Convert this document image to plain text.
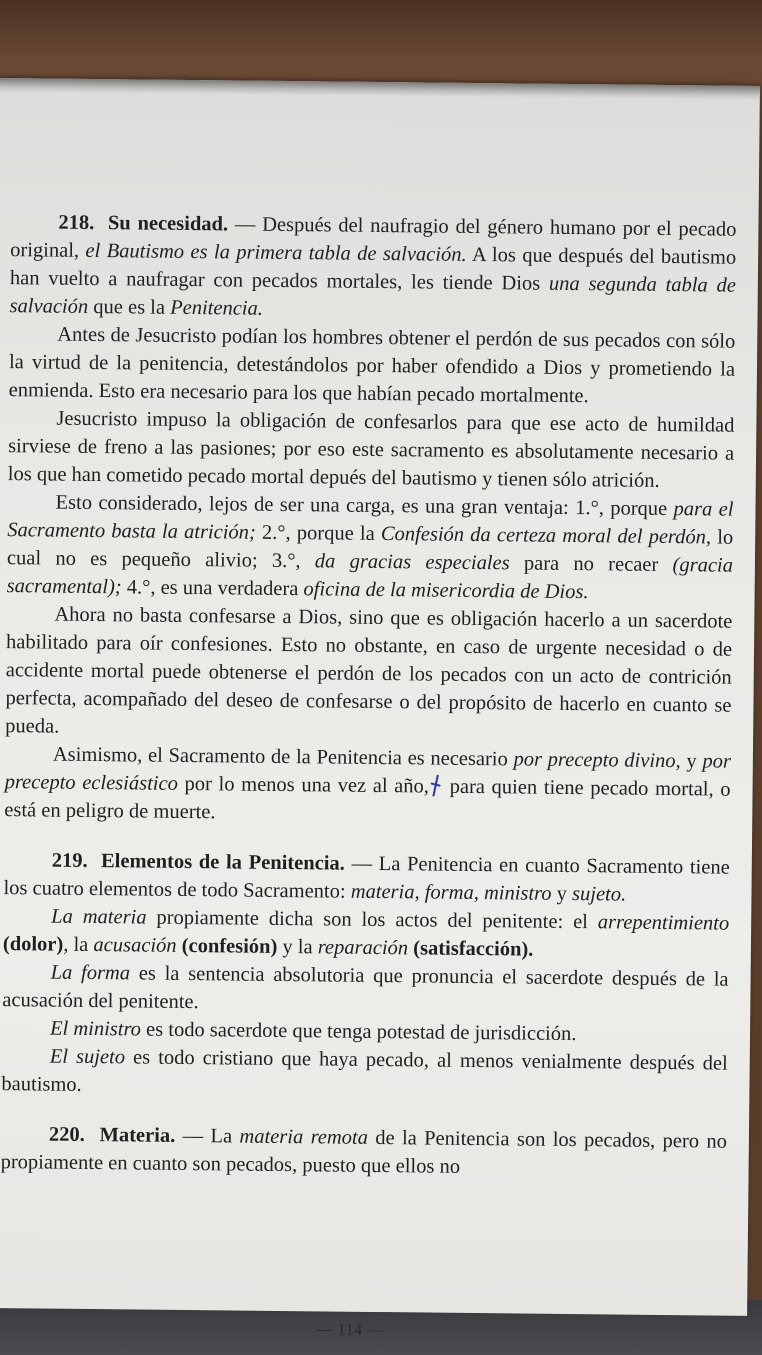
218. Su necesidad. — Después del naufragio del género humano por el pecado original, el Bautismo es la primera tabla de salvación. A los que después del bautismo han vuelto a naufragar con pecados mortales, les tiende Dios una segunda tabla de salvación que es la Penitencia.

Antes de Jesucristo podían los hombres obtener el perdón de sus pecados con sólo la virtud de la penitencia, detestándolos por haber ofendido a Dios y prometiendo la enmienda. Esto era necesario para los que habían pecado mortalmente.

Jesucristo impuso la obligación de confesarlos para que ese acto de humildad sirviese de freno a las pasiones; por eso este sacramento es absolutamente necesario a los que han cometido pecado mortal depués del bautismo y tienen sólo atrición.

Esto considerado, lejos de ser una carga, es una gran ventaja: 1.°, porque para el Sacramento basta la atrición; 2.°, porque la Confesión da certeza moral del perdón, lo cual no es pequeño alivio; 3.°, da gracias especiales para no recaer (gracia sacramental); 4.°, es una verdadera oficina de la misericordia de Dios.

Ahora no basta confesarse a Dios, sino que es obligación hacerlo a un sacerdote habilitado para oír confesiones. Esto no obstante, en caso de urgente necesidad o de accidente mortal puede obtenerse el perdón de los pecados con un acto de contrición perfecta, acompañado del deseo de confesarse o del propósito de hacerlo en cuanto se pueda.

Asimismo, el Sacramento de la Penitencia es necesario por precepto divino, y por precepto eclesiástico por lo menos una vez al año, para quien tiene pecado mortal, o está en peligro de muerte.

219. Elementos de la Penitencia. — La Penitencia en cuanto Sacramento tiene los cuatro elementos de todo Sacramento: materia, forma, ministro y sujeto.

La materia propiamente dicha son los actos del penitente: el arrepentimiento (dolor), la acusación (confesión) y la reparación (satisfacción).

La forma es la sentencia absolutoria que pronuncia el sacerdote después de la acusación del penitente.

El ministro es todo sacerdote que tenga potestad de jurisdicción.

El sujeto es todo cristiano que haya pecado, al menos venialmente después del bautismo.

220. Materia. — La materia remota de la Penitencia son los pecados, pero no propiamente en cuanto son pecados, puesto que ellos no

— 114 —
